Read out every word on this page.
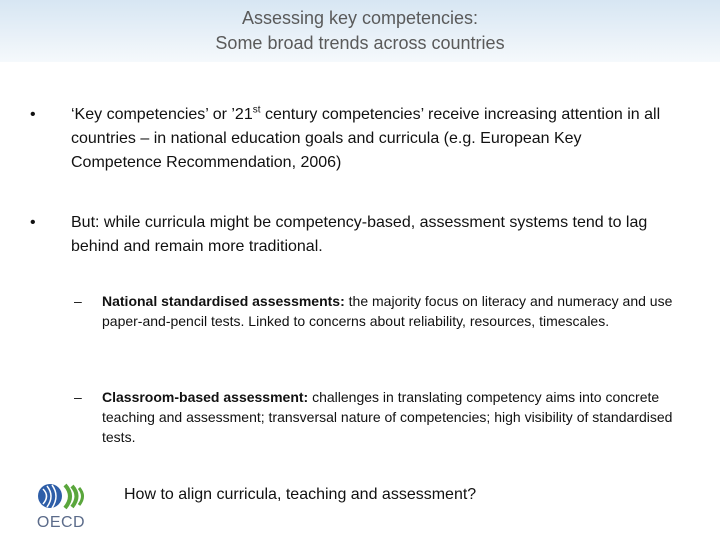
Assessing key competencies:
Some broad trends across countries
• ‘Key competencies’ or ’21st century competencies’ receive increasing attention in all countries – in national education goals and curricula (e.g. European Key Competence Recommendation, 2006)
• But: while curricula might be competency-based, assessment systems tend to lag behind and remain more traditional.
– National standardised assessments: the majority focus on literacy and numeracy and use paper-and-pencil tests. Linked to concerns about reliability, resources, timescales.
– Classroom-based assessment: challenges in translating competency aims into concrete teaching and assessment; transversal nature of competencies; high visibility of standardised tests.
How to align curricula, teaching and assessment?
OECD
